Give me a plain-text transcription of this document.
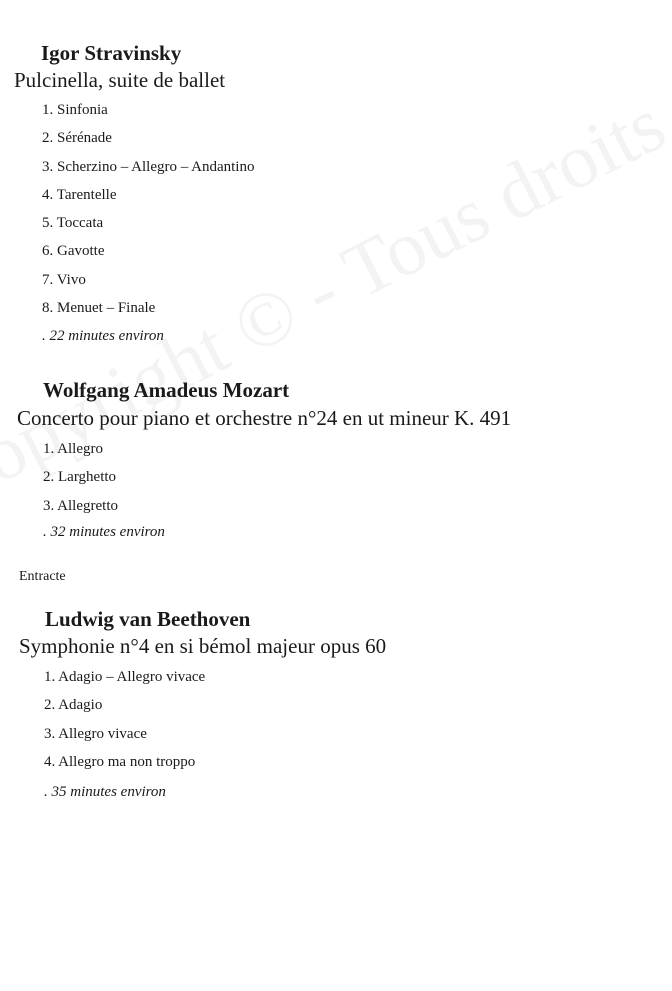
Igor Stravinsky
Pulcinella, suite de ballet
1. Sinfonia
2. Sérénade
3. Scherzino – Allegro – Andantino
4. Tarentelle
5. Toccata
6. Gavotte
7. Vivo
8. Menuet – Finale
. 22 minutes environ
Wolfgang Amadeus Mozart
Concerto pour piano et orchestre n°24 en ut mineur K. 491
1. Allegro
2. Larghetto
3. Allegretto
. 32 minutes environ
Entracte
Ludwig van Beethoven
Symphonie n°4 en si bémol majeur opus 60
1. Adagio – Allegro vivace
2. Adagio
3. Allegro vivace
4. Allegro ma non troppo
. 35 minutes environ
